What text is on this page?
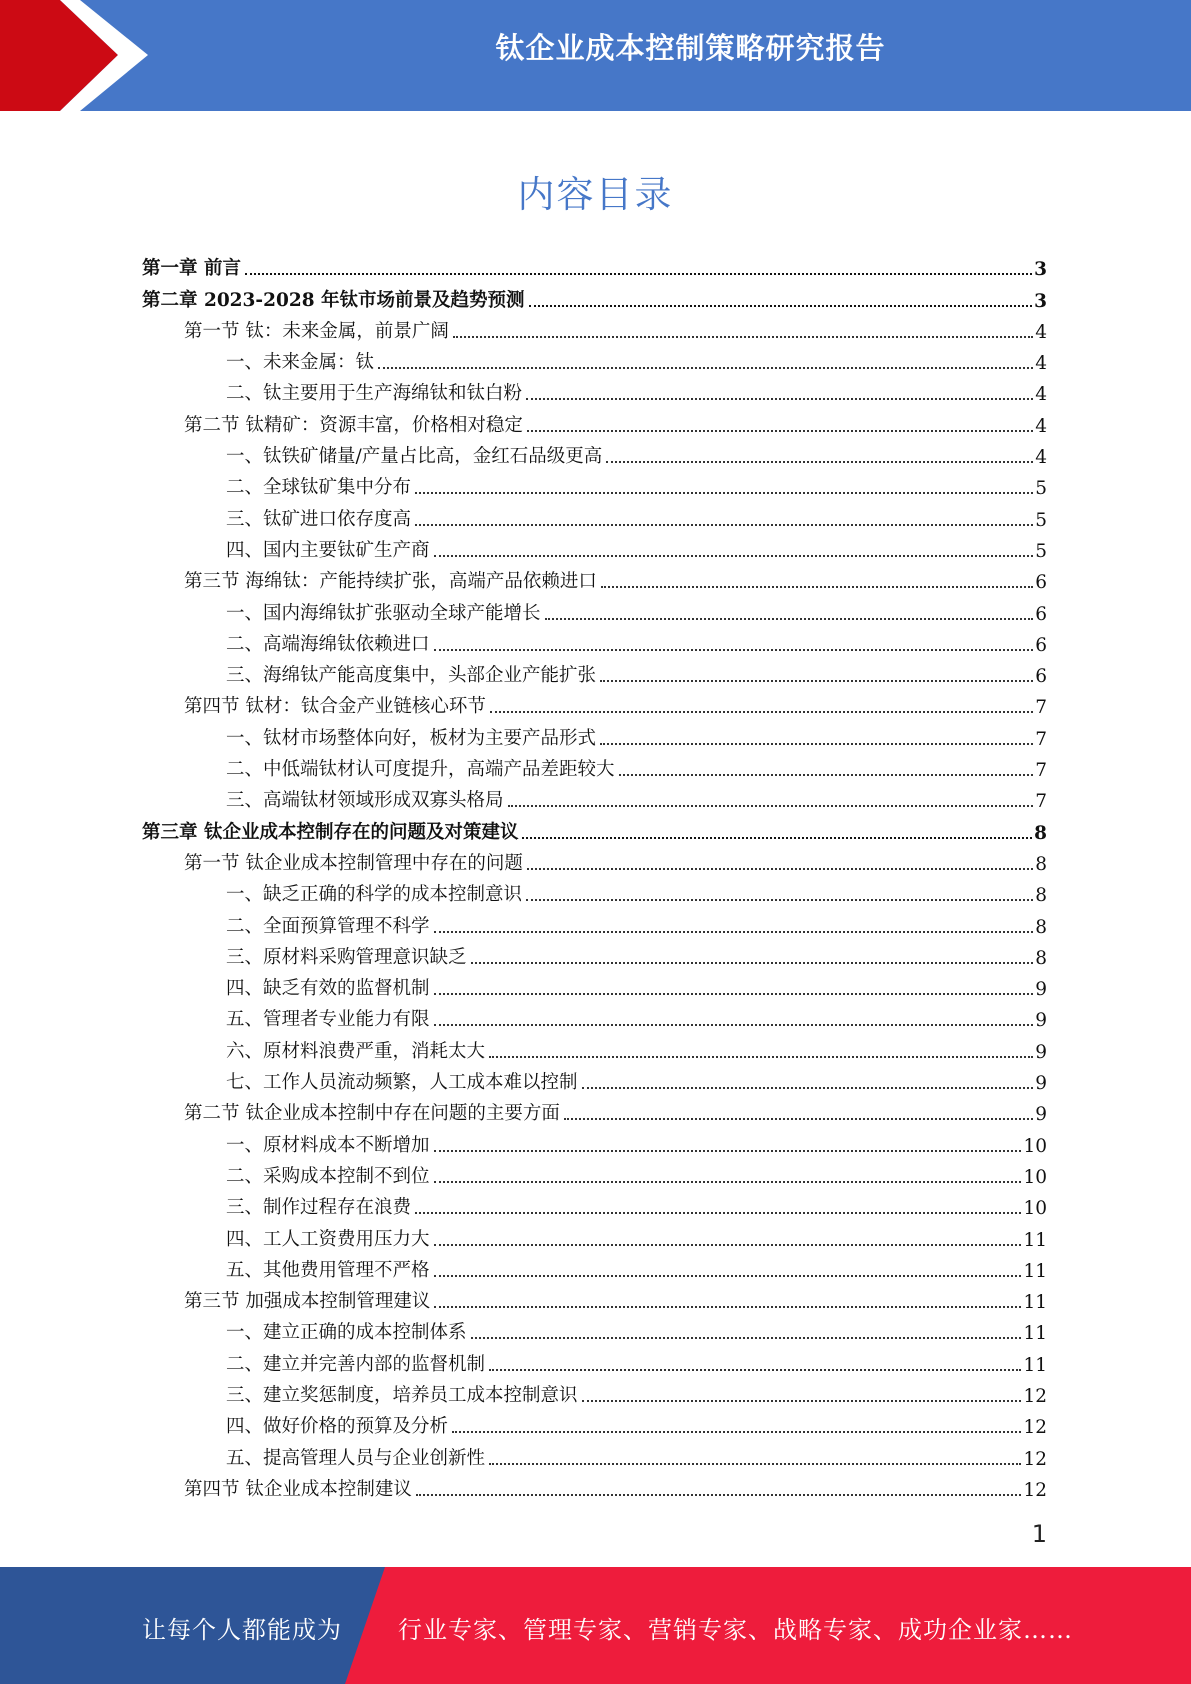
钛企业成本控制策略研究报告
内容目录
第一章 前言	3
第二章 2023-2028 年钛市场前景及趋势预测	3
第一节 钛：未来金属，前景广阔	4
一、未来金属：钛	4
二、钛主要用于生产海绵钛和钛白粉	4
第二节 钛精矿：资源丰富，价格相对稳定	4
一、钛铁矿储量/产量占比高，金红石品级更高	4
二、全球钛矿集中分布	5
三、钛矿进口依存度高	5
四、国内主要钛矿生产商	5
第三节 海绵钛：产能持续扩张，高端产品依赖进口	6
一、国内海绵钛扩张驱动全球产能增长	6
二、高端海绵钛依赖进口	6
三、海绵钛产能高度集中，头部企业产能扩张	6
第四节 钛材：钛合金产业链核心环节	7
一、钛材市场整体向好，板材为主要产品形式	7
二、中低端钛材认可度提升，高端产品差距较大	7
三、高端钛材领域形成双寡头格局	7
第三章 钛企业成本控制存在的问题及对策建议	8
第一节 钛企业成本控制管理中存在的问题	8
一、缺乏正确的科学的成本控制意识	8
二、全面预算管理不科学	8
三、原材料采购管理意识缺乏	8
四、缺乏有效的监督机制	9
五、管理者专业能力有限	9
六、原材料浪费严重，消耗太大	9
七、工作人员流动频繁，人工成本难以控制	9
第二节 钛企业成本控制中存在问题的主要方面	9
一、原材料成本不断增加	10
二、采购成本控制不到位	10
三、制作过程存在浪费	10
四、工人工资费用压力大	11
五、其他费用管理不严格	11
第三节 加强成本控制管理建议	11
一、建立正确的成本控制体系	11
二、建立并完善内部的监督机制	11
三、建立奖惩制度，培养员工成本控制意识	12
四、做好价格的预算及分析	12
五、提高管理人员与企业创新性	12
第四节 钛企业成本控制建议	12
1
让每个人都能成为 行业专家、管理专家、营销专家、战略专家、成功企业家……
